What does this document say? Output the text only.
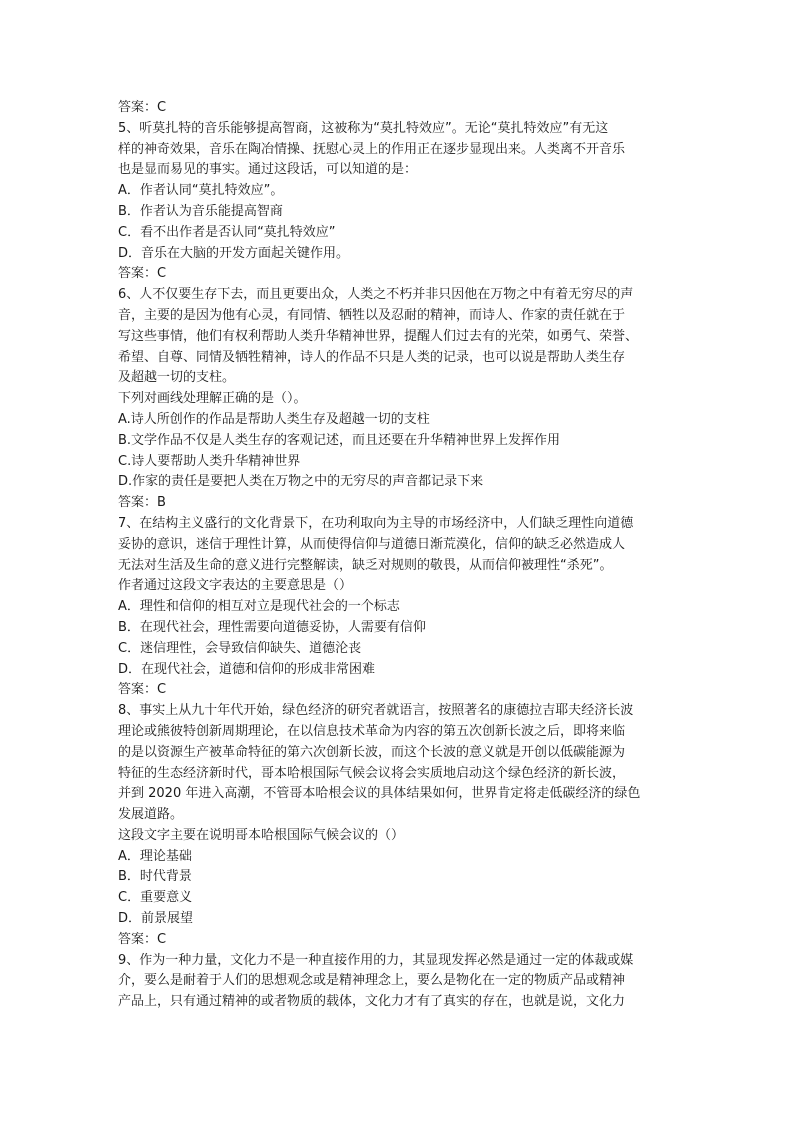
答案：C
5、听莫扎特的音乐能够提高智商，这被称为“莫扎特效应”。无论“莫扎特效应”有无这
样的神奇效果，音乐在陶冶情操、抚慰心灵上的作用正在逐步显现出来。人类离不开音乐
也是显而易见的事实。通过这段话，可以知道的是：
A．作者认同“莫扎特效应”。
B．作者认为音乐能提高智商
C．看不出作者是否认同“莫扎特效应”
D．音乐在大脑的开发方面起关键作用。
答案：C
6、人不仅要生存下去，而且更要出众，人类之不朽并非只因他在万物之中有着无穷尽的声
音，主要的是因为他有心灵，有同情、牺牲以及忍耐的精神，而诗人、作家的责任就在于
写这些事情，他们有权利帮助人类升华精神世界，提醒人们过去有的光荣，如勇气、荣誉、
希望、自尊、同情及牺牲精神，诗人的作品不只是人类的记录，也可以说是帮助人类生存
及超越一切的支柱。
下列对画线处理解正确的是（）。
A.诗人所创作的作品是帮助人类生存及超越一切的支柱
B.文学作品不仅是人类生存的客观记述，而且还要在升华精神世界上发挥作用
C.诗人要帮助人类升华精神世界
D.作家的责任是要把人类在万物之中的无穷尽的声音都记录下来
答案：B
7、在结构主义盛行的文化背景下，在功利取向为主导的市场经济中，人们缺乏理性向道德
妥协的意识，迷信于理性计算，从而使得信仰与道德日渐荒漠化，信仰的缺乏必然造成人
无法对生活及生命的意义进行完整解读，缺乏对规则的敬畏，从而信仰被理性“杀死”。
作者通过这段文字表达的主要意思是（）
A．理性和信仰的相互对立是现代社会的一个标志
B．在现代社会，理性需要向道德妥协，人需要有信仰
C．迷信理性，会导致信仰缺失、道德沦丧
D．在现代社会，道德和信仰的形成非常困难
答案：C
8、事实上从九十年代开始，绿色经济的研究者就语言，按照著名的康德拉吉耶夫经济长波
理论或熊彼特创新周期理论，在以信息技术革命为内容的第五次创新长波之后，即将来临
的是以资源生产被革命特征的第六次创新长波，而这个长波的意义就是开创以低碳能源为
特征的生态经济新时代，哥本哈根国际气候会议将会实质地启动这个绿色经济的新长波，
并到 2020 年进入高潮，不管哥本哈根会议的具体结果如何，世界肯定将走低碳经济的绿色
发展道路。
这段文字主要在说明哥本哈根国际气候会议的（）
A．理论基础
B．时代背景
C．重要意义
D．前景展望
答案：C
9、作为一种力量，文化力不是一种直接作用的力，其显现发挥必然是通过一定的体裁或媒
介，要么是耐着于人们的思想观念或是精神理念上，要么是物化在一定的物质产品或精神
产品上，只有通过精神的或者物质的载体，文化力才有了真实的存在，也就是说，文化力
